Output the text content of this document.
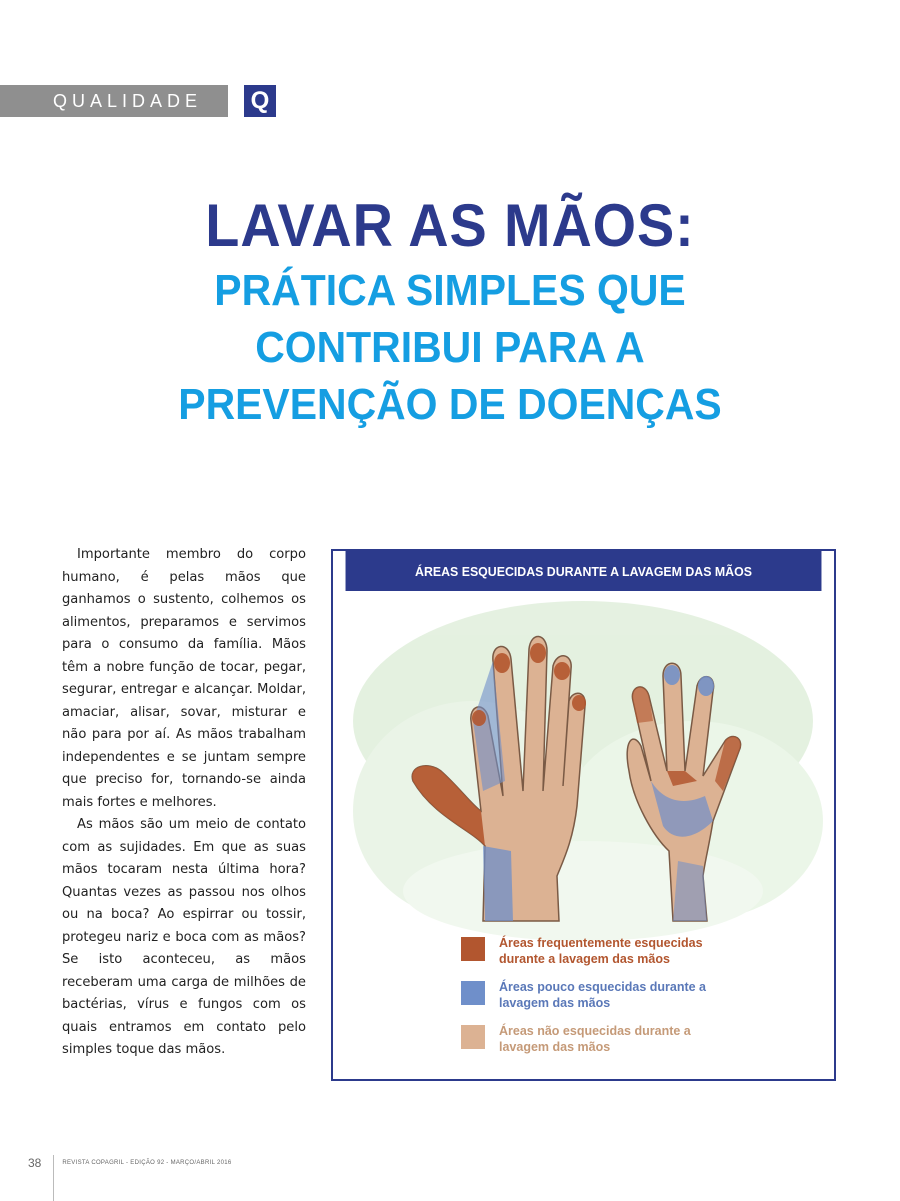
QUALIDADE	Q
LAVAR AS MÃOS:
PRÁTICA SIMPLES QUE
CONTRIBUI PARA A
PREVENÇÃO DE DOENÇAS

Importante membro do corpo humano, é pelas mãos que ganhamos o sustento, colhemos os alimentos, preparamos e servimos para o consumo da família. Mãos têm a nobre função de tocar, pegar, segurar, entregar e alcançar. Moldar, amaciar, alisar, sovar, misturar e não para por aí. As mãos trabalham independentes e se juntam sempre que preciso for, tornando-se ainda mais fortes e melhores.

As mãos são um meio de contato com as sujidades. Em que as suas mãos tocaram nesta última hora? Quantas vezes as passou nos olhos ou na boca? Ao espirrar ou tossir, protegeu nariz e boca com as mãos? Se isto aconteceu, as mãos receberam uma carga de milhões de bactérias, vírus e fungos com os quais entramos em contato pelo simples toque das mãos.

ÁREAS ESQUECIDAS DURANTE A LAVAGEM DAS MÃOS
Áreas frequentemente esquecidas durante a lavagem das mãos
Áreas pouco esquecidas durante a lavagem das mãos
Áreas não esquecidas durante a lavagem das mãos
38	REVISTA COPAGRIL - EDIÇÃO 92 - MARÇO/ABRIL 2016
